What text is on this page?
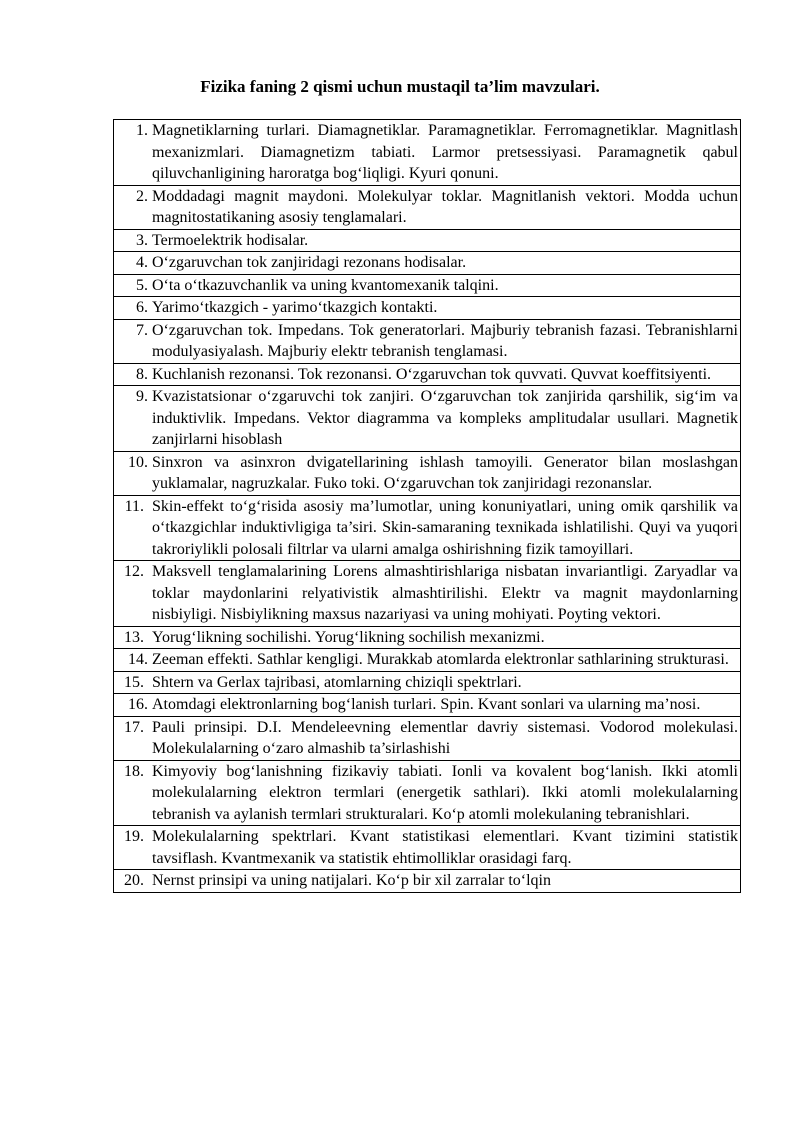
Fizika faning 2 qismi uchun mustaqil ta’lim mavzulari.
1. Magnetiklarning turlari. Diamagnetiklar. Paramagnetiklar. Ferromagnetiklar. Magnitlash mexanizmlari. Diamagnetizm tabiati. Larmor pretsessiyasi. Paramagnetik qabul qiluvchanligining haroratga bog‘liqligi. Kyuri qonuni.
2. Moddadagi magnit maydoni. Molekulyar toklar. Magnitlanish vektori. Modda uchun magnitostatikaning asosiy tenglamalari.
3. Termoelektrik hodisalar.
4. O‘zgaruvchan tok zanjiridagi rezonans hodisalar.
5. O‘ta o‘tkazuvchanlik va uning kvantomexanik talqini.
6. Yarimo‘tkazgich - yarimo‘tkazgich kontakti.
7. O‘zgaruvchan tok. Impedans. Tok generatorlari. Majburiy tebranish fazasi. Tebranishlarni modulyasiyalash. Majburiy elektr tebranish tenglamasi.
8. Kuchlanish rezonansi. Tok rezonansi. O‘zgaruvchan tok quvvati. Quvvat koeffitsiyenti.
9. Kvazistatsionar o‘zgaruvchi tok zanjiri. O‘zgaruvchan tok zanjirida qarshilik, sig‘im va induktivlik. Impedans. Vektor diagramma va kompleks amplitudalar usullari. Magnetik zanjirlarni hisoblash
10. Sinxron va asinxron dvigatellarining ishlash tamoyili. Generator bilan moslashgan yuklamalar, nagruzkalar. Fuko toki. O‘zgaruvchan tok zanjiridagi rezonanslar.
11. Skin-effekt to‘g‘risida asosiy ma’lumotlar, uning konuniyatlari, uning omik qarshilik va o‘tkazgichlar induktivligiga ta’siri. Skin-samaraning texnikada ishlatilishi. Quyi va yuqori takroriylikli polosali filtrlar va ularni amalga oshirishning fizik tamoyillari.
12. Maksvell tenglamalarining Lorens almashtirishlariga nisbatan invariantligi. Zaryadlar va toklar maydonlarini relyativistik almashtirilishi. Elektr va magnit maydonlarning nisbiyligi. Nisbiylikning maxsus nazariyasi va uning mohiyati. Poyting vektori.
13. Yorug‘likning sochilishi. Yorug‘likning sochilish mexanizmi.
14. Zeeman effekti. Sathlar kengligi. Murakkab atomlarda elektronlar sathlarining strukturasi.
15. Shtern va Gerlax tajribasi, atomlarning chiziqli spektrlari.
16. Atomdagi elektronlarning bog‘lanish turlari. Spin. Kvant sonlari va ularning ma’nosi.
17. Pauli prinsipi. D.I. Mendeleevning elementlar davriy sistemasi. Vodorod molekulasi. Molekulalarning o‘zaro almashib ta’sirlashishi
18. Kimyoviy bog‘lanishning fizikaviy tabiati. Ionli va kovalent bog‘lanish. Ikki atomli molekulalarning elektron termlari (energetik sathlari). Ikki atomli molekulalarning tebranish va aylanish termlari strukturalari. Ko‘p atomli molekulaning tebranishlari.
19. Molekulalarning spektrlari. Kvant statistikasi elementlari. Kvant tizimini statistik tavsiflash. Kvantmexanik va statistik ehtimolliklar orasidagi farq.
20. Nernst prinsipi va uning natijalari. Ko‘p bir xil zarralar to‘lqin
